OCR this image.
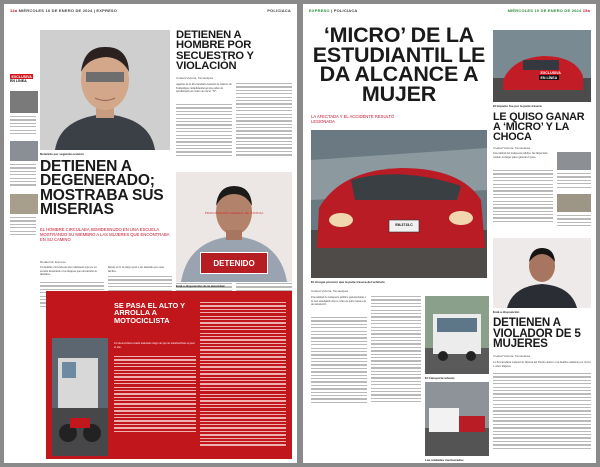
14a MIÉRCOLES 10 DE ENERO DE 2024 | EXPRESO	POLICIACA
EXCLUSIVA
EN LÍNEA
Detenido por segunda ocasión
DETIENEN A DEGENERADO; MOSTRABA SUS MISERIAS
EL HOMBRE CIRCULABA SEMIDESNUDO EN UNA ESCUELA MOSTRANDO SU MIEMBRO A LAS MUJERES QUE ENCONTRABA EN SU CAMINO
Redacción Expreso
Un hombre circulaba en una camioneta roja por su escuela mostrando a las mujeres que encontraba su miembro.
Desde el 21 de mayo pasó a ser detenido por estos hechos.
DETIENEN A HOMBRE POR SECUESTRO Y VIOLACIÓN
Ciudad Victoria, Tamaulipas
Agentes de la Procuraduría General de Justicia de Tamaulipas cumplimentaron una orden de aprehensión en contra de Oscar “N”.
PROCURADURÍA GENERAL DE JUSTICIA
DETENIDO
Está a disposición de la autoridad
SE PASA EL ALTO Y ARROLLA A MOTOCICLISTA
Un motociclista resultó lesionado luego de que un automovilista se pasó el alto.
EXPRESO | POLICIACA	MIÉRCOLES 10 DE ENERO DE 2024 15a
‘MICRO’ DE LA ESTUDIANTIL LE DA ALCANCE A MUJER
LA AFECTADA Y EL ACCIDENTE RESULTÓ LESIONADA
EM-3715-C
El choque provocó que la parte trasera del vehículo
Ciudad Victoria, Tamaulipas
Una unidad de transporte público perteneciente a la ruta estudiantil chocó contra la parte trasera de un automóvil.
El transporte urbano
Las unidades involucradas
EXCLUSIVA
EN LÍNEA
El impacto fue por la parte trasera
LE QUISO GANAR A ‘MICRO’ Y LA CHOCA
Ciudad Victoria, Tamaulipas
Una unidad del transporte público fue impactada cuando la mujer quiso ganarle el paso.
Está a disposición
DETIENEN A VIOLADOR DE 5 MUJERES
Ciudad Victoria, Tamaulipas
La Procuraduría General de Justicia del Estado detuvo a un hombre señalado por violar a cinco mujeres.
